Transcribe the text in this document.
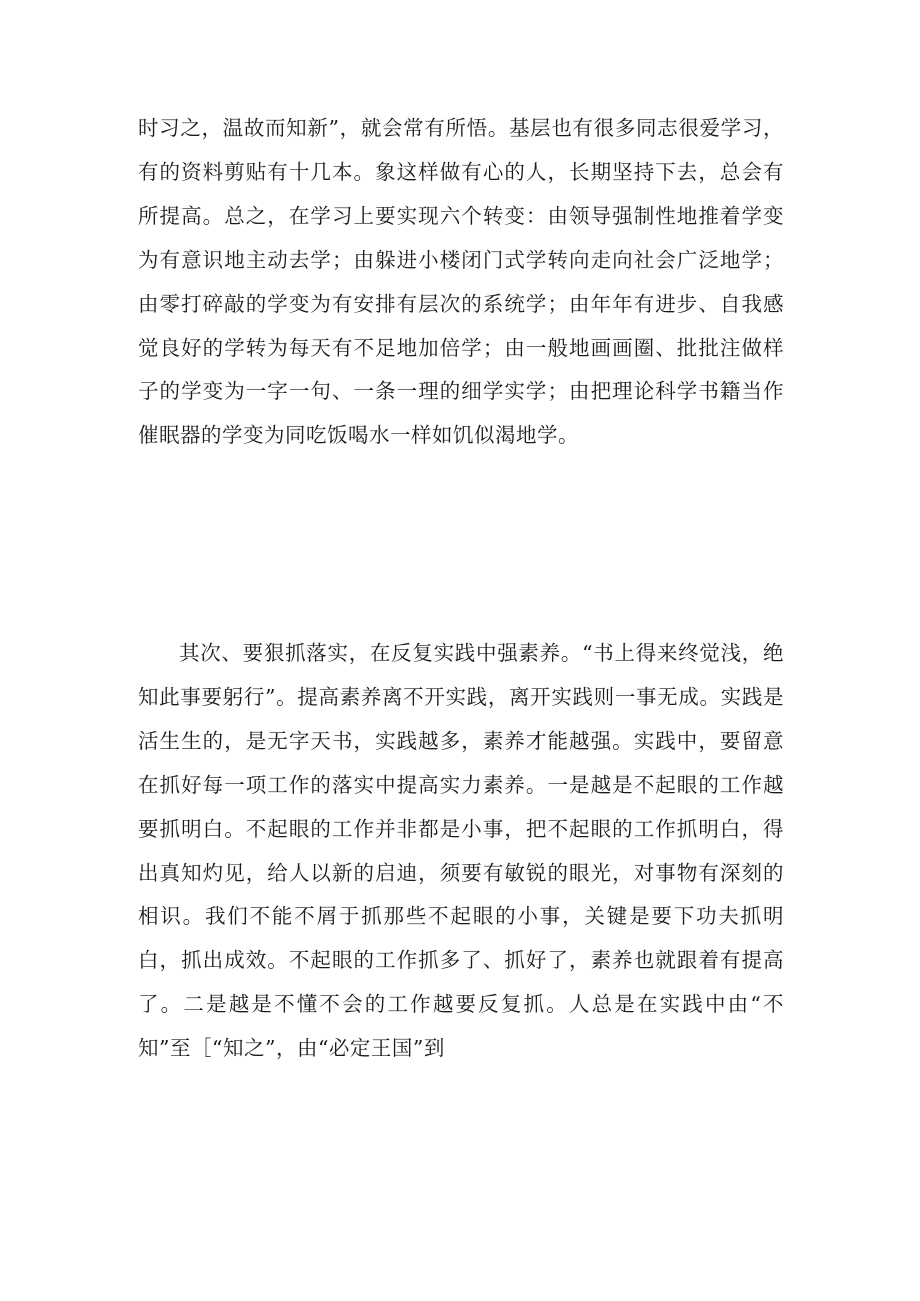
时习之，温故而知新”，就会常有所悟。基层也有很多同志很爱学习，有的资料剪贴有十几本。象这样做有心的人，长期坚持下去，总会有所提高。总之，在学习上要实现六个转变：由领导强制性地推着学变为有意识地主动去学；由躲进小楼闭门式学转向走向社会广泛地学；由零打碎敲的学变为有安排有层次的系统学；由年年有进步、自我感觉良好的学转为每天有不足地加倍学；由一般地画画圈、批批注做样子的学变为一字一句、一条一理的细学实学；由把理论科学书籍当作催眠器的学变为同吃饭喝水一样如饥似渴地学。

其次、要狠抓落实，在反复实践中强素养。“书上得来终觉浅，绝知此事要躬行”。提高素养离不开实践，离开实践则一事无成。实践是活生生的，是无字天书，实践越多，素养才能越强。实践中，要留意在抓好每一项工作的落实中提高实力素养。一是越是不起眼的工作越要抓明白。不起眼的工作并非都是小事，把不起眼的工作抓明白，得出真知灼见，给人以新的启迪，须要有敏锐的眼光，对事物有深刻的相识。我们不能不屑于抓那些不起眼的小事，关键是要下功夫抓明白，抓出成效。不起眼的工作抓多了、抓好了，素养也就跟着有提高了。二是越是不懂不会的工作越要反复抓。人总是在实践中由“不知”至［“知之”，由“必定王国”到
